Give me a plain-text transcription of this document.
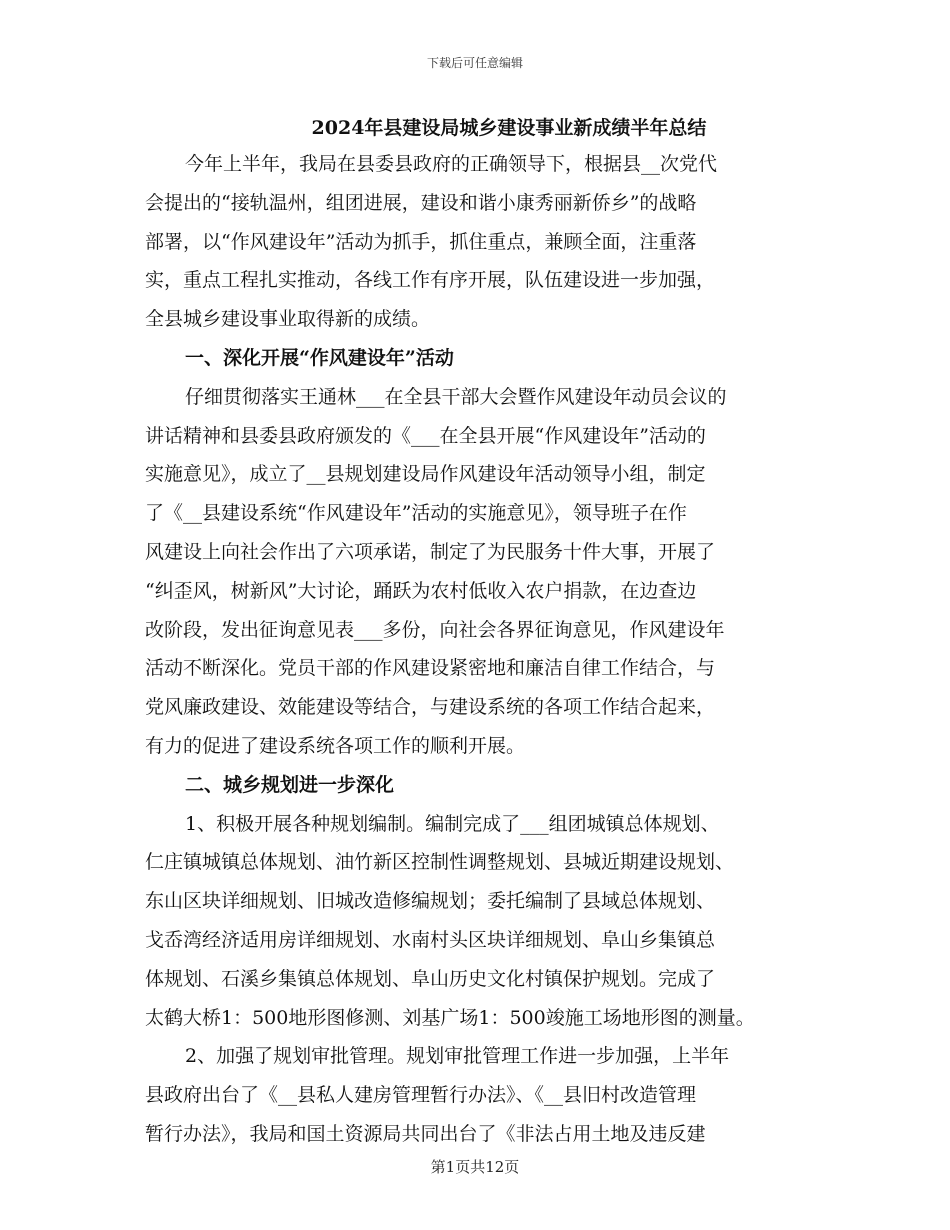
下载后可任意编辑
2024年县建设局城乡建设事业新成绩半年总结

今年上半年，我局在县委县政府的正确领导下，根据县__次党代
会提出的“接轨温州，组团进展，建设和谐小康秀丽新侨乡”的战略
部署，以“作风建设年”活动为抓手，抓住重点，兼顾全面，注重落
实，重点工程扎实推动，各线工作有序开展，队伍建设进一步加强，
全县城乡建设事业取得新的成绩。

一、深化开展“作风建设年”活动

仔细贯彻落实王通林___在全县干部大会暨作风建设年动员会议的
讲话精神和县委县政府颁发的《___在全县开展“作风建设年”活动的
实施意见》，成立了__县规划建设局作风建设年活动领导小组，制定
了《__县建设系统“作风建设年”活动的实施意见》，领导班子在作
风建设上向社会作出了六项承诺，制定了为民服务十件大事，开展了
“纠歪风，树新风”大讨论，踊跃为农村低收入农户捐款，在边查边
改阶段，发出征询意见表___多份，向社会各界征询意见，作风建设年
活动不断深化。党员干部的作风建设紧密地和廉洁自律工作结合，与
党风廉政建设、效能建设等结合，与建设系统的各项工作结合起来，
有力的促进了建设系统各项工作的顺利开展。

二、城乡规划进一步深化

1、积极开展各种规划编制。编制完成了___组团城镇总体规划、
仁庄镇城镇总体规划、油竹新区控制性调整规划、县城近期建设规划、
东山区块详细规划、旧城改造修编规划；委托编制了县域总体规划、
戈岙湾经济适用房详细规划、水南村头区块详细规划、阜山乡集镇总
体规划、石溪乡集镇总体规划、阜山历史文化村镇保护规划。完成了
太鹤大桥1：500地形图修测、刘基广场1：500竣施工场地形图的测量。

2、加强了规划审批管理。规划审批管理工作进一步加强，上半年
县政府出台了《__县私人建房管理暂行办法》、《__县旧村改造管理
暂行办法》，我局和国土资源局共同出台了《非法占用土地及违反建

第1页共12页
